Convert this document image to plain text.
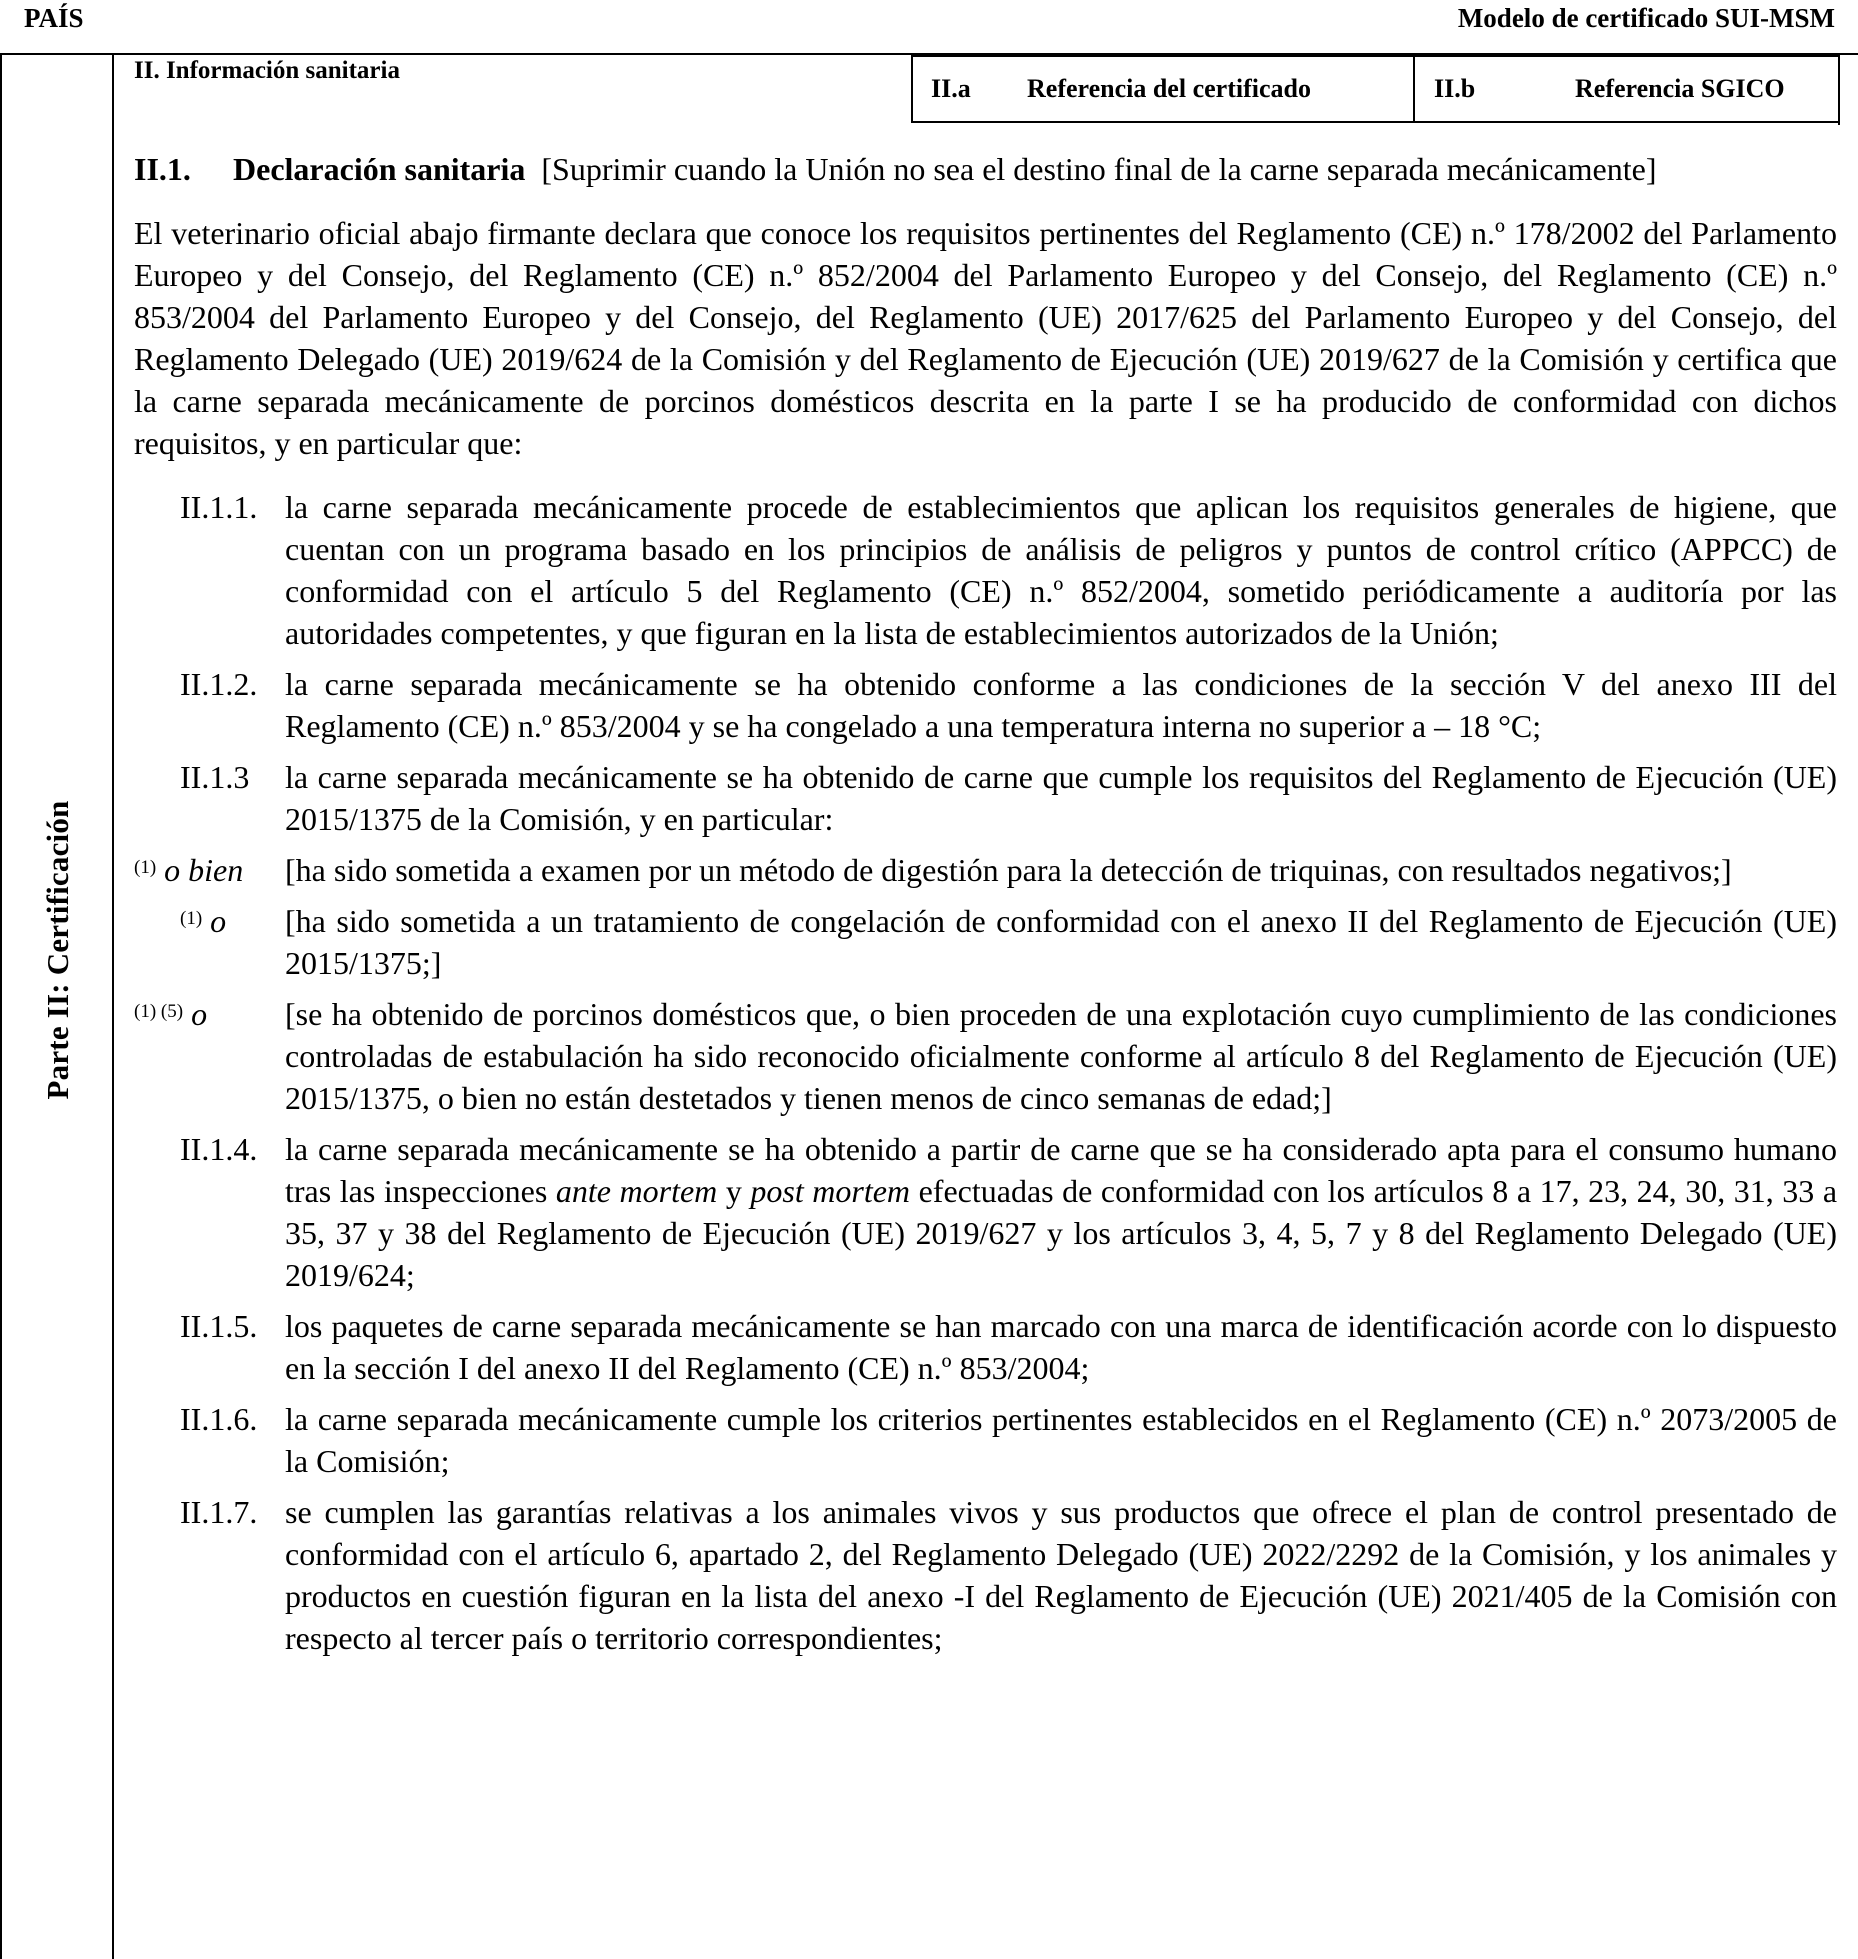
PAÍS	Modelo de certificado SUI-MSM
Parte II: Certificación
II. Información sanitaria
II.a	Referencia del certificado	II.b	Referencia SGICO
II.1.	Declaración sanitaria [Suprimir cuando la Unión no sea el destino final de la carne separada mecánicamente]

El veterinario oficial abajo firmante declara que conoce los requisitos pertinentes del Reglamento (CE) n.º 178/2002 del Parlamento Europeo y del Consejo, del Reglamento (CE) n.º 852/2004 del Parlamento Europeo y del Consejo, del Reglamento (CE) n.º 853/2004 del Parlamento Europeo y del Consejo, del Reglamento (UE) 2017/625 del Parlamento Europeo y del Consejo, del Reglamento Delegado (UE) 2019/624 de la Comisión y del Reglamento de Ejecución (UE) 2019/627 de la Comisión y certifica que la carne separada mecánicamente de porcinos domésticos descrita en la parte I se ha producido de conformidad con dichos requisitos, y en particular que:

II.1.1. la carne separada mecánicamente procede de establecimientos que aplican los requisitos generales de higiene, que cuentan con un programa basado en los principios de análisis de peligros y puntos de control crítico (APPCC) de conformidad con el artículo 5 del Reglamento (CE) n.º 852/2004, sometido periódicamente a auditoría por las autoridades competentes, y que figuran en la lista de establecimientos autorizados de la Unión;
II.1.2. la carne separada mecánicamente se ha obtenido conforme a las condiciones de la sección V del anexo III del Reglamento (CE) n.º 853/2004 y se ha congelado a una temperatura interna no superior a – 18 °C;
II.1.3 la carne separada mecánicamente se ha obtenido de carne que cumple los requisitos del Reglamento de Ejecución (UE) 2015/1375 de la Comisión, y en particular:
$^{(1)}$ o bien [ha sido sometida a examen por un método de digestión para la detección de triquinas, con resultados negativos;]
$^{(1)}$ o [ha sido sometida a un tratamiento de congelación de conformidad con el anexo II del Reglamento de Ejecución (UE) 2015/1375;]
$^{(1) (5)}$ o [se ha obtenido de porcinos domésticos que, o bien proceden de una explotación cuyo cumplimiento de las condiciones controladas de estabulación ha sido reconocido oficialmente conforme al artículo 8 del Reglamento de Ejecución (UE) 2015/1375, o bien no están destetados y tienen menos de cinco semanas de edad;]
II.1.4. la carne separada mecánicamente se ha obtenido a partir de carne que se ha considerado apta para el consumo humano tras las inspecciones ante mortem y post mortem efectuadas de conformidad con los artículos 8 a 17, 23, 24, 30, 31, 33 a 35, 37 y 38 del Reglamento de Ejecución (UE) 2019/627 y los artículos 3, 4, 5, 7 y 8 del Reglamento Delegado (UE) 2019/624;
II.1.5. los paquetes de carne separada mecánicamente se han marcado con una marca de identificación acorde con lo dispuesto en la sección I del anexo II del Reglamento (CE) n.º 853/2004;
II.1.6. la carne separada mecánicamente cumple los criterios pertinentes establecidos en el Reglamento (CE) n.º 2073/2005 de la Comisión;
II.1.7. se cumplen las garantías relativas a los animales vivos y sus productos que ofrece el plan de control presentado de conformidad con el artículo 6, apartado 2, del Reglamento Delegado (UE) 2022/2292 de la Comisión, y los animales y productos en cuestión figuran en la lista del anexo -I del Reglamento de Ejecución (UE) 2021/405 de la Comisión con respecto al tercer país o territorio correspondientes;
